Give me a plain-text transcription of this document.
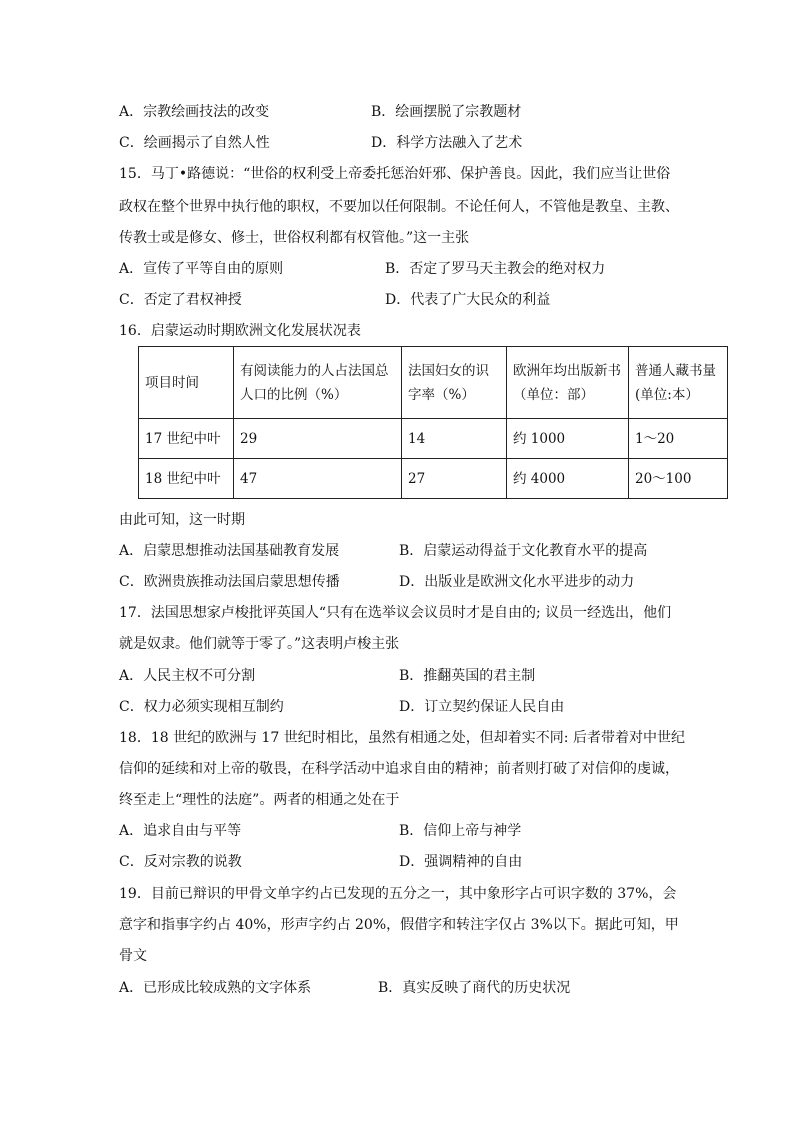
A．宗教绘画技法的改变	B．绘画摆脱了宗教题材
C．绘画揭示了自然人性	D．科学方法融入了艺术
15．马丁•路德说：“世俗的权利受上帝委托惩治奸邪、保护善良。因此，我们应当让世俗
政权在整个世界中执行他的职权，不要加以任何限制。不论任何人，不管他是教皇、主教、
传教士或是修女、修士，世俗权利都有权管他。”这一主张
A．宣传了平等自由的原则	B．否定了罗马天主教会的绝对权力
C．否定了君权神授	D．代表了广大民众的利益
16．启蒙运动时期欧洲文化发展状况表
项目时间	有阅读能力的人占法国总人口的比例（%）	法国妇女的识字率（%）	欧洲年均出版新书（单位：部）	普通人藏书量(单位:本）
17 世纪中叶	29	14	约 1000	1～20
18 世纪中叶	47	27	约 4000	20～100
由此可知，这一时期
A．启蒙思想推动法国基础教育发展	B．启蒙运动得益于文化教育水平的提高
C．欧洲贵族推动法国启蒙思想传播	D．出版业是欧洲文化水平进步的动力
17．法国思想家卢梭批评英国人“只有在选举议会议员时才是自由的; 议员一经选出，他们
就是奴隶。他们就等于零了。”这表明卢梭主张
A．人民主权不可分割	B．推翻英国的君主制
C．权力必须实现相互制约	D．订立契约保证人民自由
18．18 世纪的欧洲与 17 世纪时相比，虽然有相通之处，但却着实不同: 后者带着对中世纪
信仰的延续和对上帝的敬畏，在科学活动中追求自由的精神；前者则打破了对信仰的虔诚，
终至走上“理性的法庭”。两者的相通之处在于
A．追求自由与平等	B．信仰上帝与神学
C．反对宗教的说教	D．强调精神的自由
19．目前已辩识的甲骨文单字约占已发现的五分之一，其中象形字占可识字数的 37%，会
意字和指事字约占 40%，形声字约占 20%，假借字和转注字仅占 3%以下。据此可知，甲
骨文
A．已形成比较成熟的文字体系	B．真实反映了商代的历史状况
